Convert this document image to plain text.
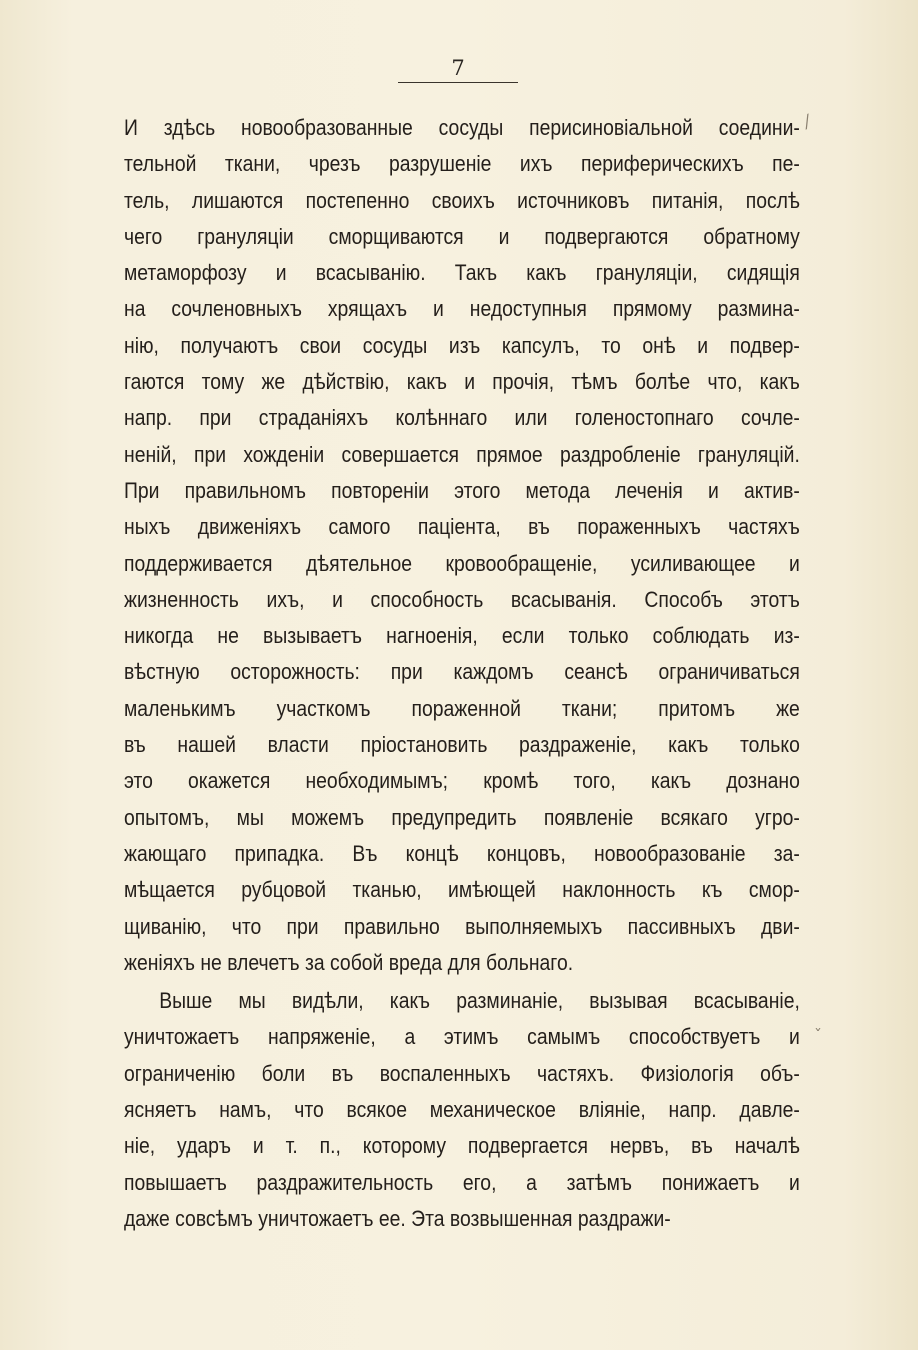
7
И здѣсь новообразованные сосуды перисиновіальной соедини-
тельной ткани, чрезъ разрушеніе ихъ периферическихъ пе-
тель, лишаются постепенно своихъ источниковъ питанія, послѣ
чего грануляціи сморщиваются и подвергаются обратному
метаморфозу и всасыванію. Такъ какъ грануляціи, сидящія
на сочленовныхъ хрящахъ и недоступныя прямому размина-
нію, получаютъ свои сосуды изъ капсулъ, то онѣ и подвер-
гаются тому же дѣйствію, какъ и прочія, тѣмъ болѣе что, какъ
напр. при страданіяхъ колѣннаго или голеностопнаго сочле-
неній, при хожденіи совершается прямое раздробленіе грануляцій.
При правильномъ повтореніи этого метода леченія и актив-
ныхъ движеніяхъ самого паціента, въ пораженныхъ частяхъ
поддерживается дѣятельное кровообращеніе, усиливающее и
жизненность ихъ, и способность всасыванія. Способъ этотъ
никогда не вызываетъ нагноенія, если только соблюдать из-
вѣстную осторожность: при каждомъ сеансѣ ограничиваться
маленькимъ участкомъ пораженной ткани; притомъ же
въ нашей власти пріостановить раздраженіе, какъ только
это окажется необходимымъ; кромѣ того, какъ дознано
опытомъ, мы можемъ предупредить появленіе всякаго угро-
жающаго припадка. Въ концѣ концовъ, новообразованіе за-
мѣщается рубцовой тканью, имѣющей наклонность къ смор-
щиванію, что при правильно выполняемыхъ пассивныхъ дви-
женіяхъ не влечетъ за собой вреда для больнаго.
Выше мы видѣли, какъ разминаніе, вызывая всасываніе,
уничтожаетъ напряженіе, а этимъ самымъ способствуетъ и
ограниченію боли въ воспаленныхъ частяхъ. Физіологія объ-
ясняетъ намъ, что всякое механическое вліяніе, напр. давле-
ніе, ударъ и т. п., которому подвергается нервъ, въ началѣ
повышаетъ раздражительность его, а затѣмъ понижаетъ и
даже совсѣмъ уничтожаетъ ее. Эта возвышенная раздражи-
⁄
ˇ
